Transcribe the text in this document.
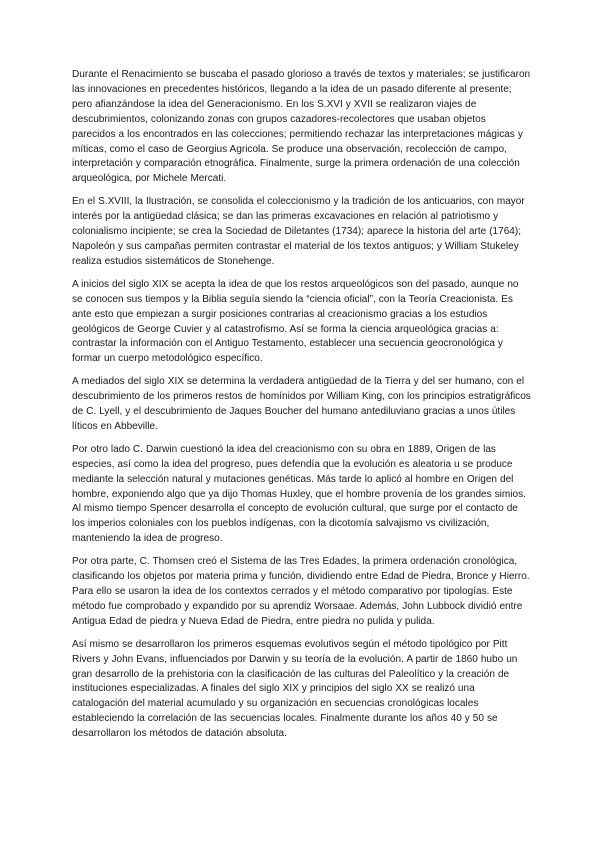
Durante el Renacimiento se buscaba el pasado glorioso a través de textos y materiales; se justificaron las innovaciones en precedentes históricos, llegando a la idea de un pasado diferente al presente; pero afianzándose la idea del Generacionismo. En los S.XVI y XVII se realizaron viajes de descubrimientos, colonizando zonas con grupos cazadores-recolectores que usaban objetos parecidos a los encontrados en las colecciones; permitiendo rechazar las interpretaciones mágicas y míticas, como el caso de Georgius Agricola. Se produce una observación, recolección de campo, interpretación y comparación etnográfica. Finalmente, surge la primera ordenación de una colección arqueológica, por Michele Mercati.

En el S.XVIII, la Ilustración, se consolida el coleccionismo y la tradición de los anticuarios, con mayor interés por la antigüedad clásica; se dan las primeras excavaciones en relación al patriotismo y colonialismo incipiente; se crea la Sociedad de Diletantes (1734); aparece la historia del arte (1764); Napoleón y sus campañas permiten contrastar el material de los textos antiguos; y William Stukeley realiza estudios sistemáticos de Stonehenge.

A inicios del siglo XIX se acepta la idea de que los restos arqueológicos son del pasado, aunque no se conocen sus tiempos y la Biblia seguía siendo la “ciencia oficial”, con la Teoría Creacionista. Es ante esto que empiezan a surgir posiciones contrarias al creacionismo gracias a los estudios geológicos de George Cuvier y al catastrofismo. Así se forma la ciencia arqueológica gracias a: contrastar la información con el Antiguo Testamento, establecer una secuencia geocronológica y formar un cuerpo metodológico específico.

A mediados del siglo XIX se determina la verdadera antigüedad de la Tierra y del ser humano, con el descubrimiento de los primeros restos de homínidos por William King, con los principios estratigráficos de C. Lyell, y el descubrimiento de Jaques Boucher del humano antediluviano gracias a unos útiles líticos en Abbeville.

Por otro lado C. Darwin cuestionó la idea del creacionismo con su obra en 1889, Origen de las especies, así como la idea del progreso, pues defendía que la evolución es aleatoria u se produce mediante la selección natural y mutaciones genéticas. Más tarde lo aplicó al hombre en Origen del hombre, exponiendo algo que ya dijo Thomas Huxley, que el hombre provenía de los grandes simios. Al mismo tiempo Spencer desarrolla el concepto de evolución cultural, que surge por el contacto de los imperios coloniales con los pueblos indígenas, con la dicotomía salvajismo vs civilización, manteniendo la idea de progreso.

Por otra parte, C. Thomsen creó el Sistema de las Tres Edades, la primera ordenación cronológica, clasificando los objetos por materia prima y función, dividiendo entre Edad de Piedra, Bronce y Hierro. Para ello se usaron la idea de los contextos cerrados y el método comparativo por tipologías. Este método fue comprobado y expandido por su aprendiz Worsaae. Además, John Lubbock dividió entre Antigua Edad de piedra y Nueva Edad de Piedra, entre piedra no pulida y pulida.

Así mismo se desarrollaron los primeros esquemas evolutivos según el método tipológico por Pitt Rivers y John Evans, influenciados por Darwin y su teoría de la evolución. A partir de 1860 hubo un gran desarrollo de la prehistoria con la clasificación de las culturas del Paleolítico y la creación de instituciones especializadas. A finales del siglo XIX y principios del siglo XX se realizó una catalogación del material acumulado y su organización en secuencias cronológicas locales estableciendo la correlación de las secuencias locales. Finalmente durante los años 40 y 50 se desarrollaron los métodos de datación absoluta.
